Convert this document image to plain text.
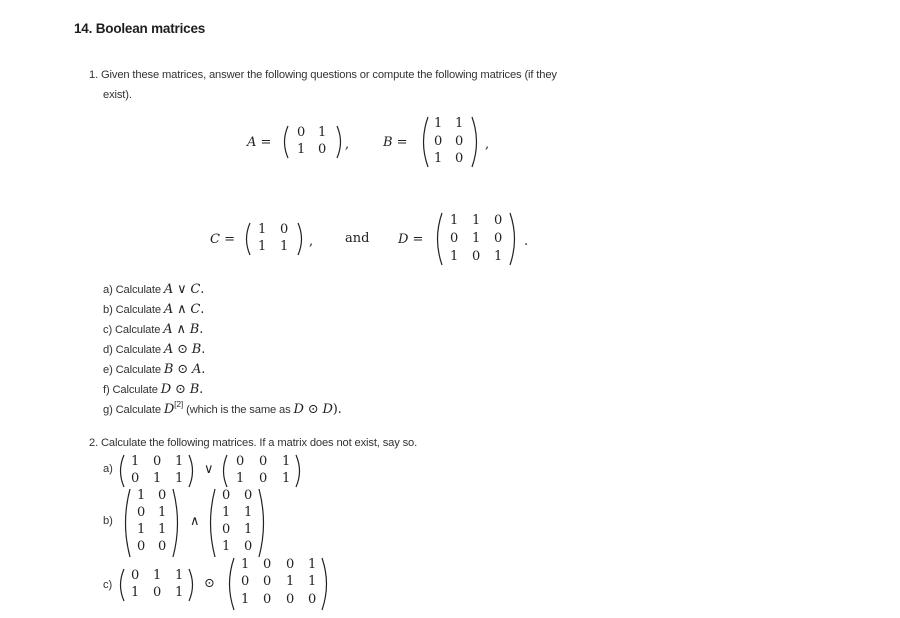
14. Boolean matrices
1. Given these matrices, answer the following questions or compute the following matrices (if they
exist).
A =
0 1
1 0 ,	B =
1 1
0 0
1 0
,
C =
1 0
1 1 , and D =
1 1 0
0 1 0
1 0 1
.
a) Calculate A ∨ C.
b) Calculate A ∧ C.
c) Calculate A ∧ B.
d) Calculate A ⊙ B.
e) Calculate B ⊙ A.
f) Calculate D ⊙ B.
g) Calculate D[2] (which is the same as D ⊙ D).
2. Calculate the following matrices. If a matrix does not exist, say so.
a) 1 0 1
0 1 1
∨
0 0 1
1 0 1
b)
1 0
0 1
1 1
0 0
∧
0 0
1 1
0 1
1 0
c)
0 1 1
1 0 1
⊙
1 0 0 1
0 0 1 1
1 0 0 0
